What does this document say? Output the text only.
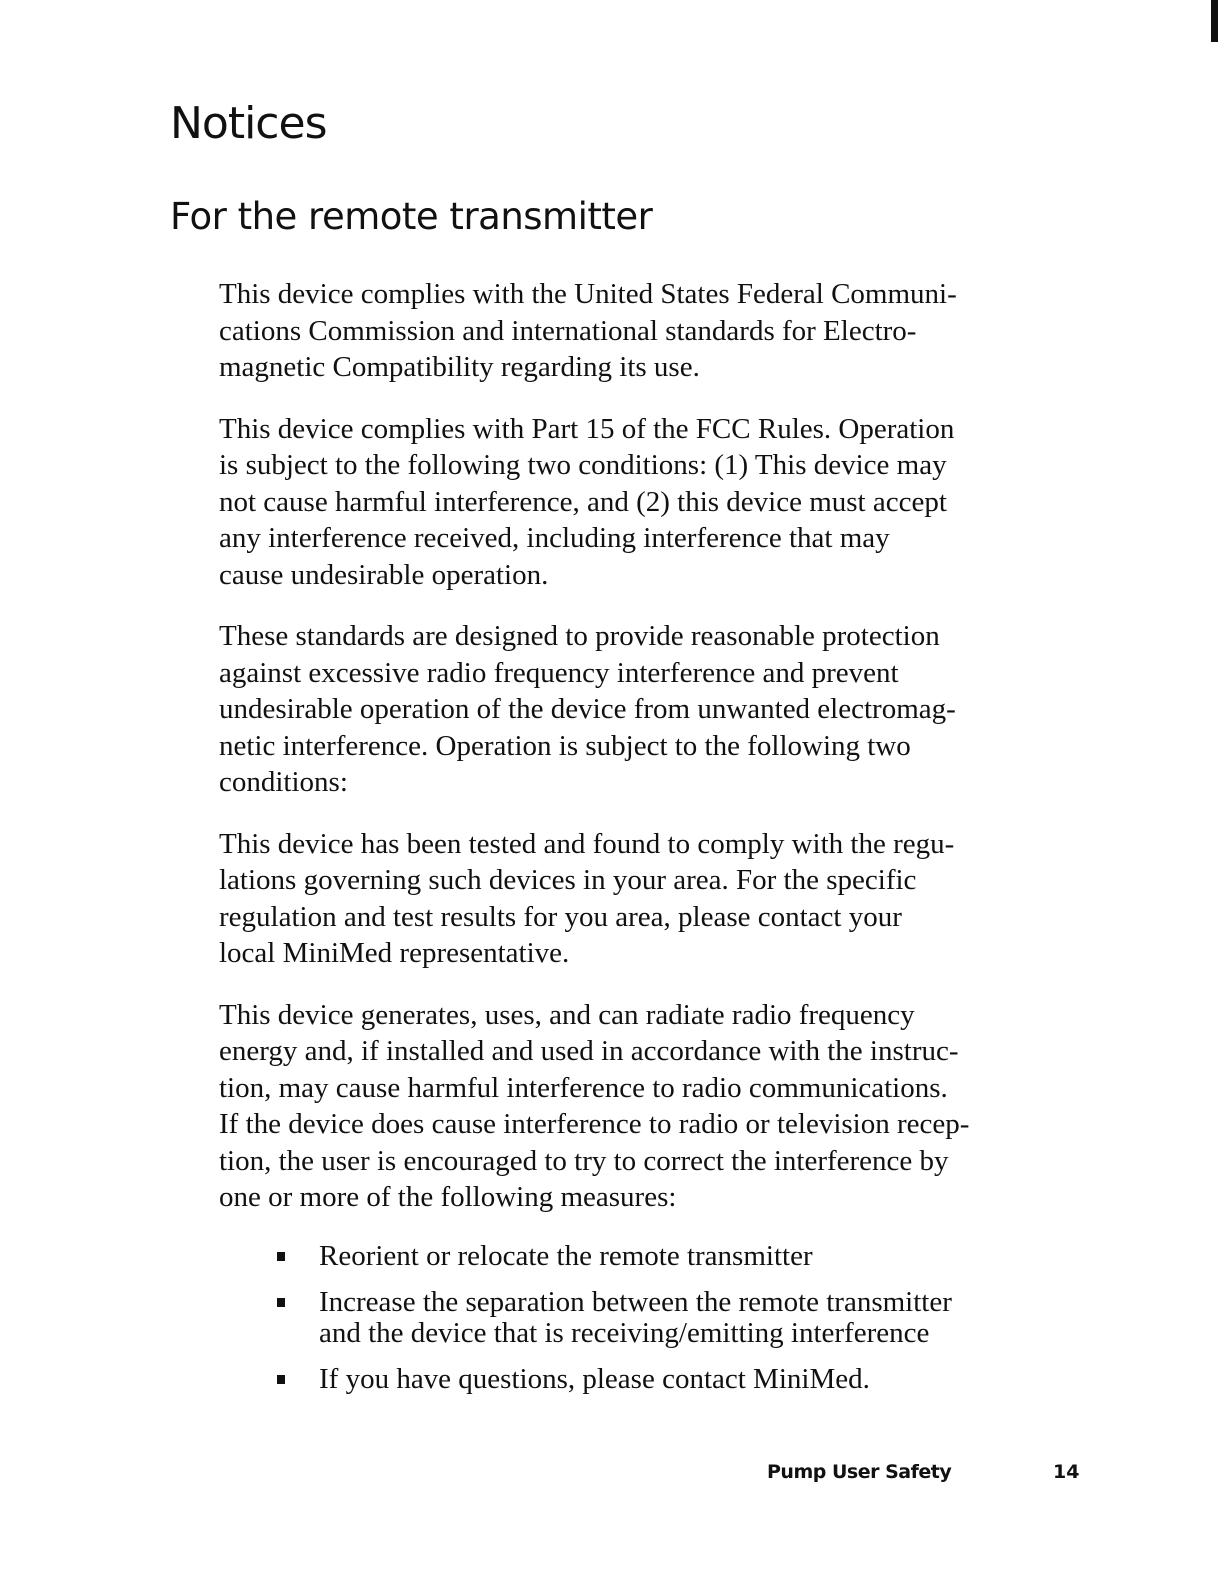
Notices
For the remote transmitter

This device complies with the United States Federal Communi-
cations Commission and international standards for Electro-
magnetic Compatibility regarding its use.

This device complies with Part 15 of the FCC Rules. Operation
is subject to the following two conditions: (1) This device may
not cause harmful interference, and (2) this device must accept
any interference received, including interference that may
cause undesirable operation.

These standards are designed to provide reasonable protection
against excessive radio frequency interference and prevent
undesirable operation of the device from unwanted electromag-
netic interference. Operation is subject to the following two
conditions:

This device has been tested and found to comply with the regu-
lations governing such devices in your area. For the specific
regulation and test results for you area, please contact your
local MiniMed representative.

This device generates, uses, and can radiate radio frequency
energy and, if installed and used in accordance with the instruc-
tion, may cause harmful interference to radio communications.
If the device does cause interference to radio or television recep-
tion, the user is encouraged to try to correct the interference by
one or more of the following measures:

Reorient or relocate the remote transmitter
Increase the separation between the remote transmitter
and the device that is receiving/emitting interference
If you have questions, please contact MiniMed.
Pump User Safety	14
